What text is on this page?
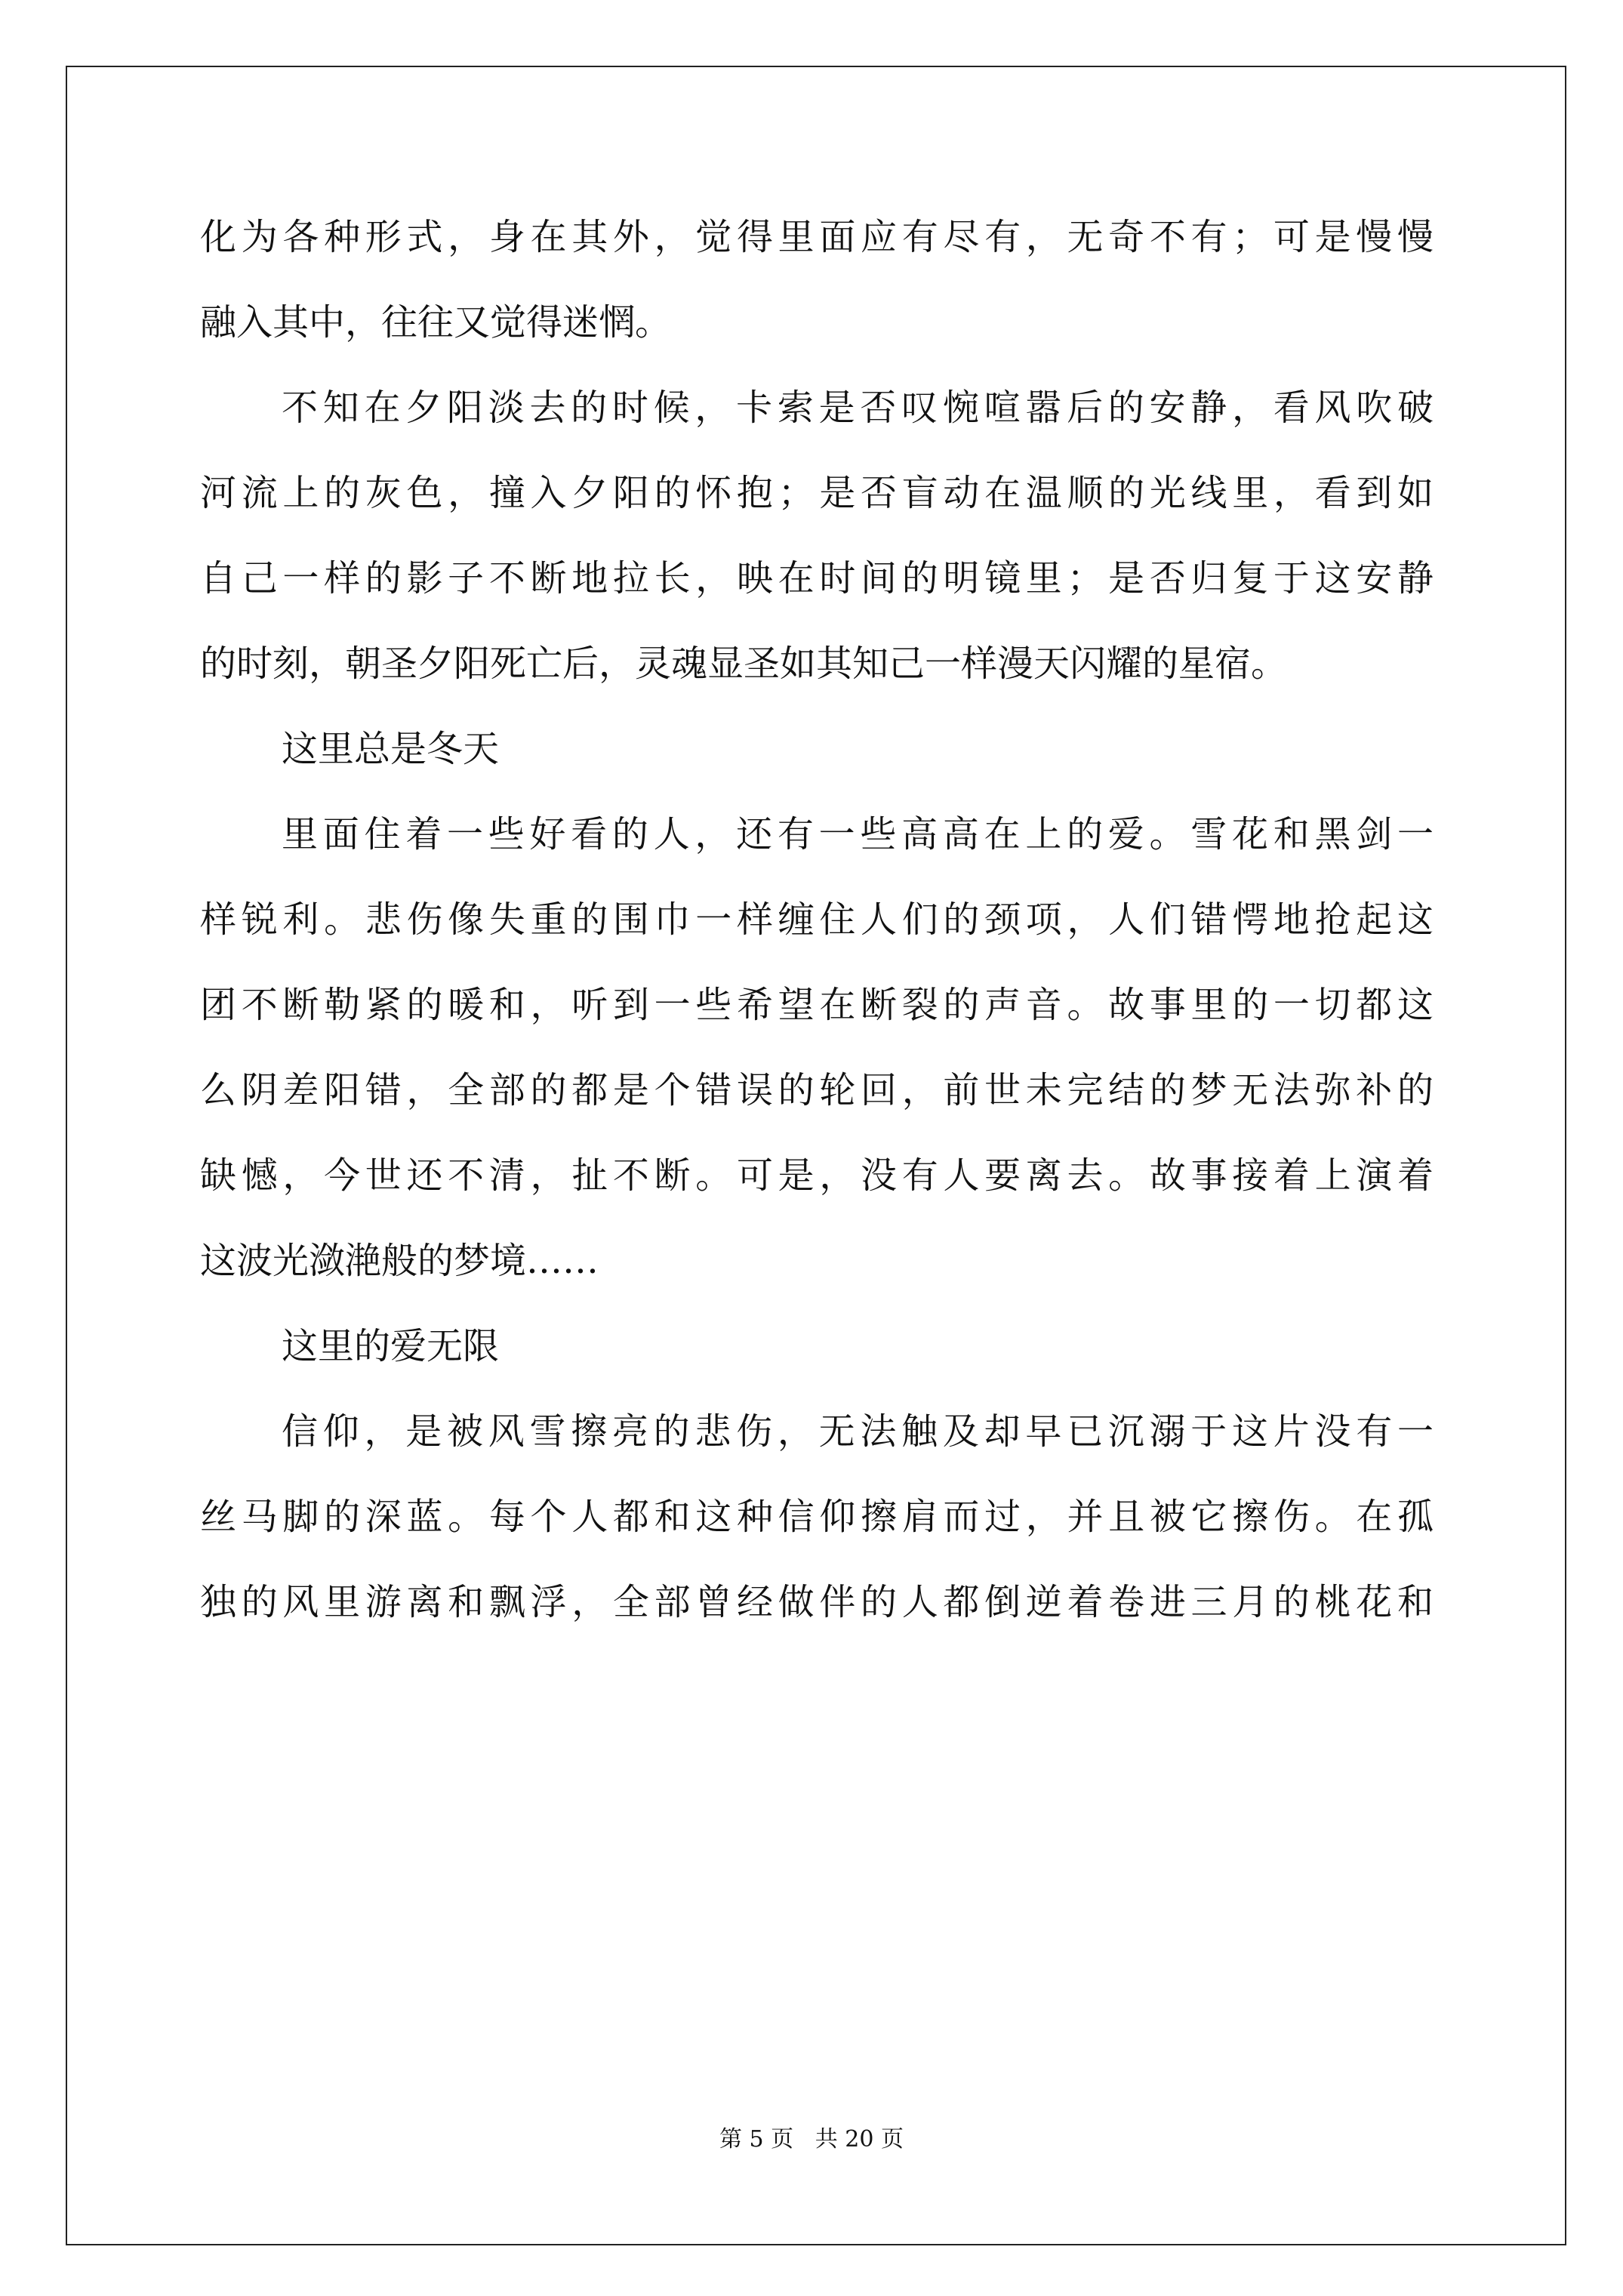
化为各种形式，身在其外，觉得里面应有尽有，无奇不有；可是慢慢
融入其中，往往又觉得迷惘。
不知在夕阳淡去的时候，卡索是否叹惋喧嚣后的安静，看风吹破
河流上的灰色，撞入夕阳的怀抱；是否盲动在温顺的光线里，看到如
自己一样的影子不断地拉长，映在时间的明镜里；是否归复于这安静
的时刻，朝圣夕阳死亡后，灵魂显圣如其知己一样漫天闪耀的星宿。
这里总是冬天
里面住着一些好看的人，还有一些高高在上的爱。雪花和黑剑一
样锐利。悲伤像失重的围巾一样缠住人们的颈项，人们错愕地抢起这
团不断勒紧的暖和，听到一些希望在断裂的声音。故事里的一切都这
么阴差阳错，全部的都是个错误的轮回，前世未完结的梦无法弥补的
缺憾，今世还不清，扯不断。可是，没有人要离去。故事接着上演着
这波光潋滟般的梦境……
这里的爱无限
信仰，是被风雪擦亮的悲伤，无法触及却早已沉溺于这片没有一
丝马脚的深蓝。每个人都和这种信仰擦肩而过，并且被它擦伤。在孤
独的风里游离和飘浮，全部曾经做伴的人都倒逆着卷进三月的桃花和
第 5 页   共 20 页
